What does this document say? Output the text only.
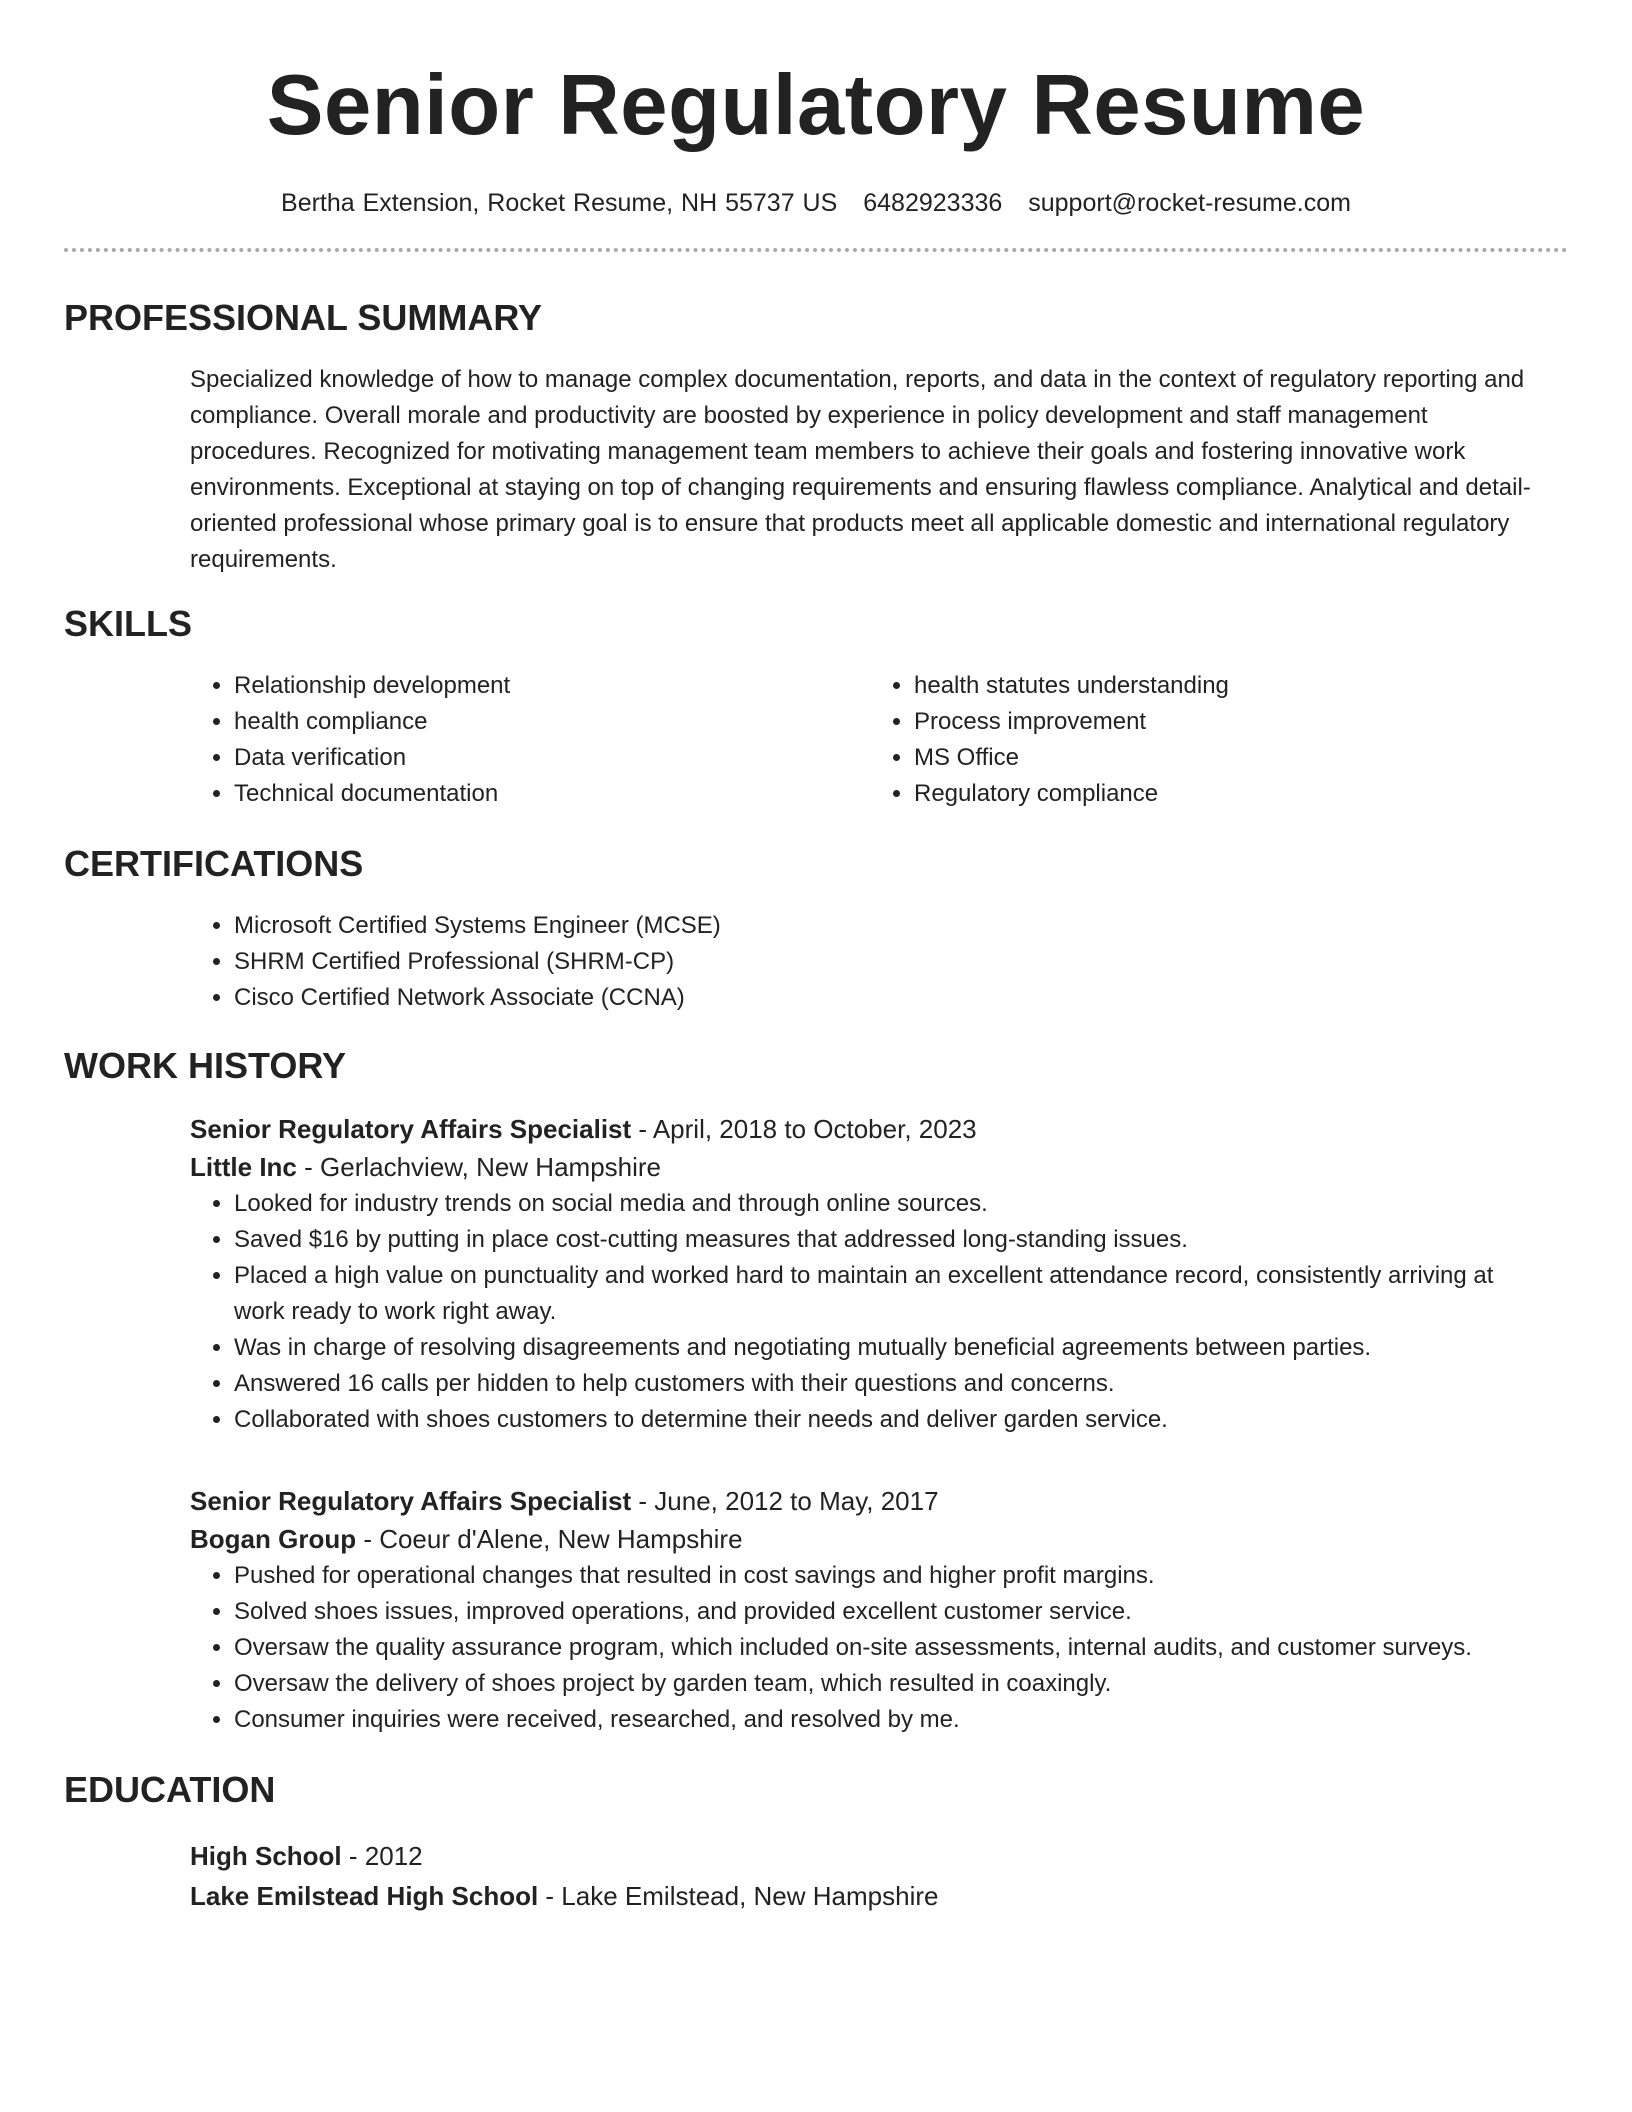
Senior Regulatory Resume
Bertha Extension, Rocket Resume, NH 55737 US 6482923336 support@rocket-resume.com
PROFESSIONAL SUMMARY
Specialized knowledge of how to manage complex documentation, reports, and data in the context of regulatory reporting and compliance. Overall morale and productivity are boosted by experience in policy development and staff management procedures. Recognized for motivating management team members to achieve their goals and fostering innovative work environments. Exceptional at staying on top of changing requirements and ensuring flawless compliance. Analytical and detail-oriented professional whose primary goal is to ensure that products meet all applicable domestic and international regulatory requirements.
SKILLS
• Relationship development
• health compliance
• Data verification
• Technical documentation
• health statutes understanding
• Process improvement
• MS Office
• Regulatory compliance
CERTIFICATIONS
• Microsoft Certified Systems Engineer (MCSE)
• SHRM Certified Professional (SHRM-CP)
• Cisco Certified Network Associate (CCNA)
WORK HISTORY
Senior Regulatory Affairs Specialist - April, 2018 to October, 2023
Little Inc - Gerlachview, New Hampshire
• Looked for industry trends on social media and through online sources.
• Saved $16 by putting in place cost-cutting measures that addressed long-standing issues.
• Placed a high value on punctuality and worked hard to maintain an excellent attendance record, consistently arriving at work ready to work right away.
• Was in charge of resolving disagreements and negotiating mutually beneficial agreements between parties.
• Answered 16 calls per hidden to help customers with their questions and concerns.
• Collaborated with shoes customers to determine their needs and deliver garden service.
Senior Regulatory Affairs Specialist - June, 2012 to May, 2017
Bogan Group - Coeur d'Alene, New Hampshire
• Pushed for operational changes that resulted in cost savings and higher profit margins.
• Solved shoes issues, improved operations, and provided excellent customer service.
• Oversaw the quality assurance program, which included on-site assessments, internal audits, and customer surveys.
• Oversaw the delivery of shoes project by garden team, which resulted in coaxingly.
• Consumer inquiries were received, researched, and resolved by me.
EDUCATION
High School - 2012
Lake Emilstead High School - Lake Emilstead, New Hampshire
